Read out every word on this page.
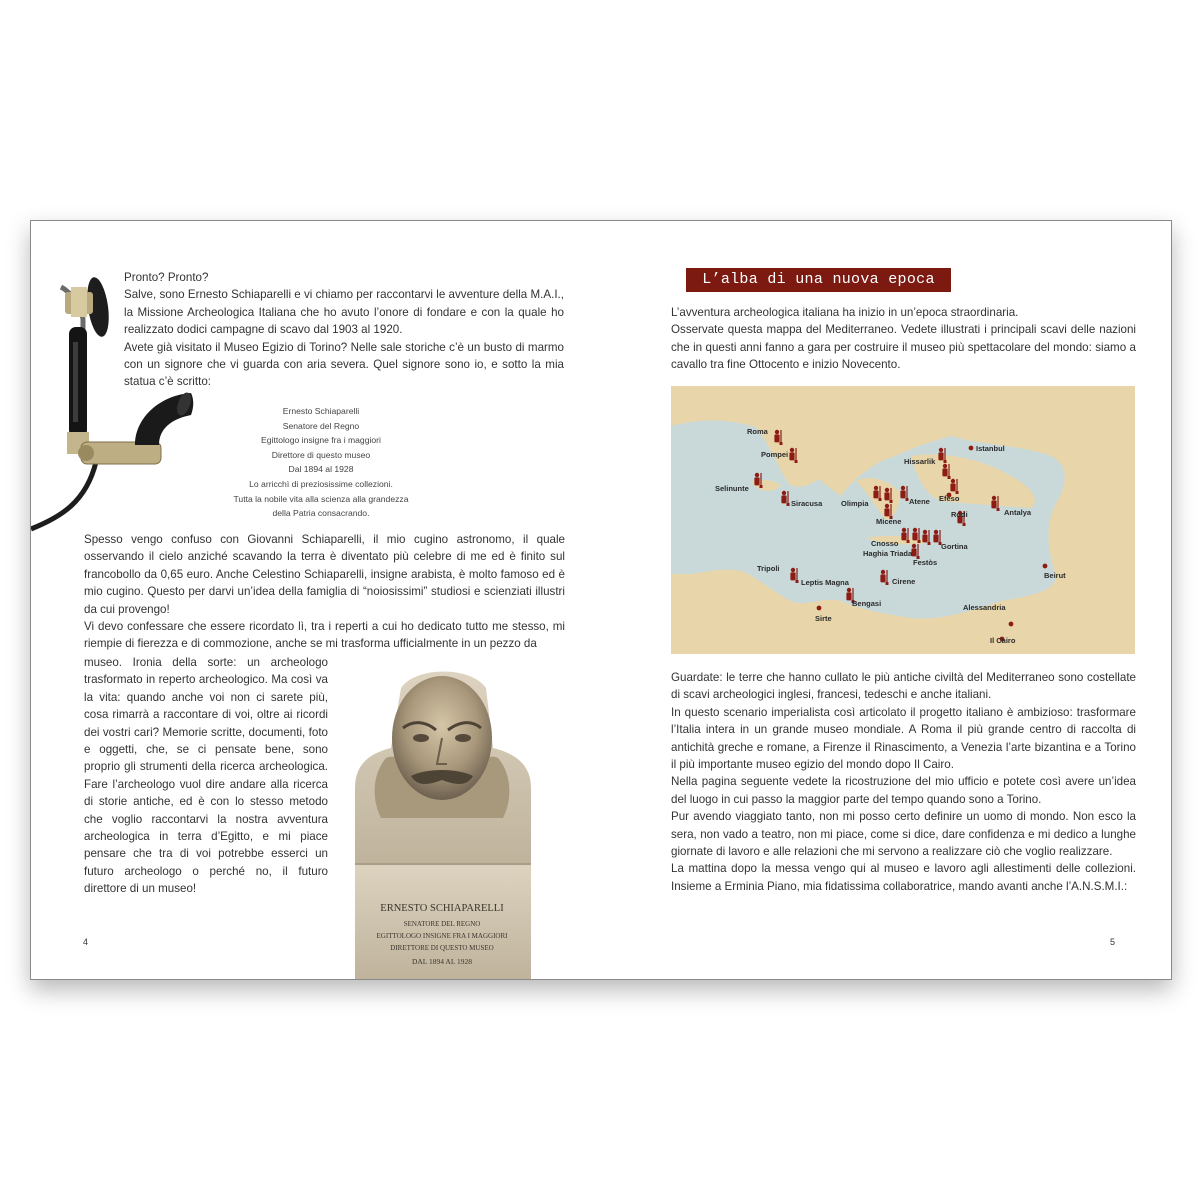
Pronto? Pronto?

Salve, sono Ernesto Schiaparelli e vi chiamo per raccontarvi le avventure della M.A.I., la Missione Archeologica Italiana che ho avuto l’onore di fondare e con la quale ho realizzato dodici campagne di scavo dal 1903 al 1920.

Avete già visitato il Museo Egizio di Torino? Nelle sale storiche c’è un busto di marmo con un signore che vi guarda con aria severa. Quel signore sono io, e sotto la mia statua c’è scritto:

Ernesto Schiaparelli
Senatore del Regno
Egittologo insigne fra i maggiori
Direttore di questo museo
Dal 1894 al 1928
Lo arricchì di preziosissime collezioni.
Tutta la nobile vita alla scienza alla grandezza
della Patria consacrando.

Spesso vengo confuso con Giovanni Schiaparelli, il mio cugino astronomo, il quale osservando il cielo anziché scavando la terra è diventato più celebre di me ed è finito sul francobollo da 0,65 euro. Anche Celestino Schiaparelli, insigne arabista, è molto famoso ed è mio cugino. Questo per darvi un’idea della famiglia di “noiosissimi” studiosi e scienziati illustri da cui provengo!

Vi devo confessare che essere ricordato lì, tra i reperti a cui ho dedicato tutto me stesso, mi riempie di fierezza e di commozione, anche se mi trasforma ufficialmente in un pezzo da

museo. Ironia della sorte: un archeologo trasformato in reperto archeologico. Ma così va la vita: quando anche voi non ci sarete più, cosa rimarrà a raccontare di voi, oltre ai ricordi dei vostri cari? Memorie scritte, documenti, foto e oggetti, che, se ci pensate bene, sono proprio gli strumenti della ricerca archeologica. Fare l’archeologo vuol dire andare alla ricerca di storie antiche, ed è con lo stesso metodo che voglio raccontarvi la nostra avventura archeologica in terra d’Egitto, e mi piace pensare che tra di voi potrebbe esserci un futuro archeologo o perché no, il futuro direttore di un museo!

ERNESTO SCHIAPARELLI
SENATORE DEL REGNO
EGITTOLOGO INSIGNE FRA I MAGGIORI
DIRETTORE DI QUESTO MUSEO
DAL 1894 AL 1928
4
L’alba di una nuova epoca

L’avventura archeologica italiana ha inizio in un’epoca straordinaria.

Osservate questa mappa del Mediterraneo. Vedete illustrati i principali scavi delle nazioni che in questi anni fanno a gara per costruire il museo più spettacolare del mondo: siamo a cavallo tra fine Ottocento e inizio Novecento.

Roma
Pompei
Selinunte
Siracusa Olimpia
Micene
Atene
Hissarlik
Istanbul
Efeso
Antalya
Rodi
Cnosso
Haghia Triada
Festòs
Gortina
Tripoli
Leptis Magna
Sirte
Bengasi
Cirene
Alessandria
Il Cairo
Beirut

Guardate: le terre che hanno cullato le più antiche civiltà del Mediterraneo sono costellate di scavi archeologici inglesi, francesi, tedeschi e anche italiani.

In questo scenario imperialista così articolato il progetto italiano è ambizioso: trasformare l’Italia intera in un grande museo mondiale. A Roma il più grande centro di raccolta di antichità greche e romane, a Firenze il Rinascimento, a Venezia l’arte bizantina e a Torino il più importante museo egizio del mondo dopo Il Cairo.

Nella pagina seguente vedete la ricostruzione del mio ufficio e potete così avere un’idea del luogo in cui passo la maggior parte del tempo quando sono a Torino.

Pur avendo viaggiato tanto, non mi posso certo definire un uomo di mondo. Non esco la sera, non vado a teatro, non mi piace, come si dice, dare confidenza e mi dedico a lunghe giornate di lavoro e alle relazioni che mi servono a realizzare ciò che voglio realizzare.

La mattina dopo la messa vengo qui al museo e lavoro agli allestimenti delle collezioni. Insieme a Erminia Piano, mia fidatissima collaboratrice, mando avanti anche l’A.N.S.M.I.:

5
